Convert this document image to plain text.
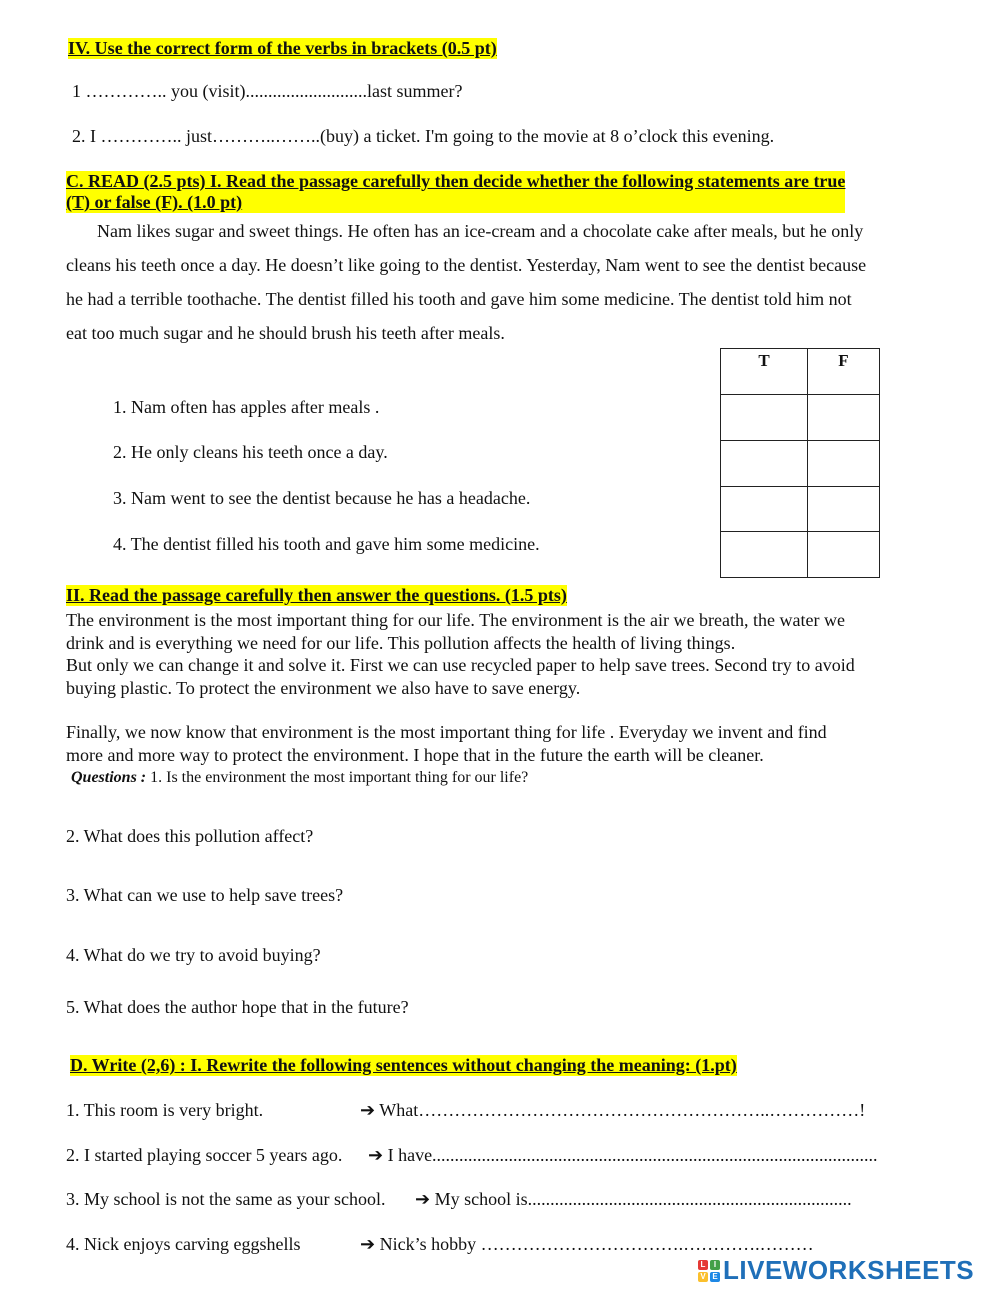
IV. Use the correct form of the verbs in brackets (0.5 pt)
1 ………….. you (visit)...........................last summer?
2. I ………….. just………..……..(buy) a ticket. I'm going to the movie at 8 o’clock this evening.
C. READ (2.5 pts) I. Read the passage carefully then decide whether the following statements are true
(T) or false (F). (1.0 pt)
Nam likes sugar and sweet things. He often has an ice-cream and a chocolate cake after meals, but he only
cleans his teeth once a day. He doesn’t like going to the dentist. Yesterday, Nam went to see the dentist because
he had a terrible toothache. The dentist filled his tooth and gave him some medicine. The dentist told him not
eat too much sugar and he should brush his teeth after meals.
1. Nam often has apples after meals .
2. He only cleans his teeth once a day.
3. Nam went to see the dentist because he has a headache.
4. The dentist filled his tooth and gave him some medicine.
T	F

II. Read the passage carefully then answer the questions. (1.5 pts)
The environment is the most important thing for our life. The environment is the air we breath, the water we
drink and is everything we need for our life. This pollution affects the health of living things.
But only we can change it and solve it. First we can use recycled paper to help save trees. Second try to avoid
buying plastic. To protect the environment we also have to save energy.
Finally, we now know that environment is the most important thing for life . Everyday we invent and find
more and more way to protect the environment. I hope that in the future the earth will be cleaner.
Questions : 1. Is the environment the most important thing for our life?
2. What does this pollution affect?
3. What can we use to help save trees?
4. What do we try to avoid buying?
5. What does the author hope that in the future?
D. Write (2,6) : I. Rewrite the following sentences without changing the meaning: (1.pt)
1. This room is very bright.	➔ What…………………………………………………..……………!
2. I started playing soccer 5 years ago. ➔ I have...................................................................................................
3. My school is not the same as your school. ➔ My school is........................................................................
4. Nick enjoys carving eggshells	➔ Nick’s hobby …………………………….………….………
L	I
V E LIVEWORKSHEETS
